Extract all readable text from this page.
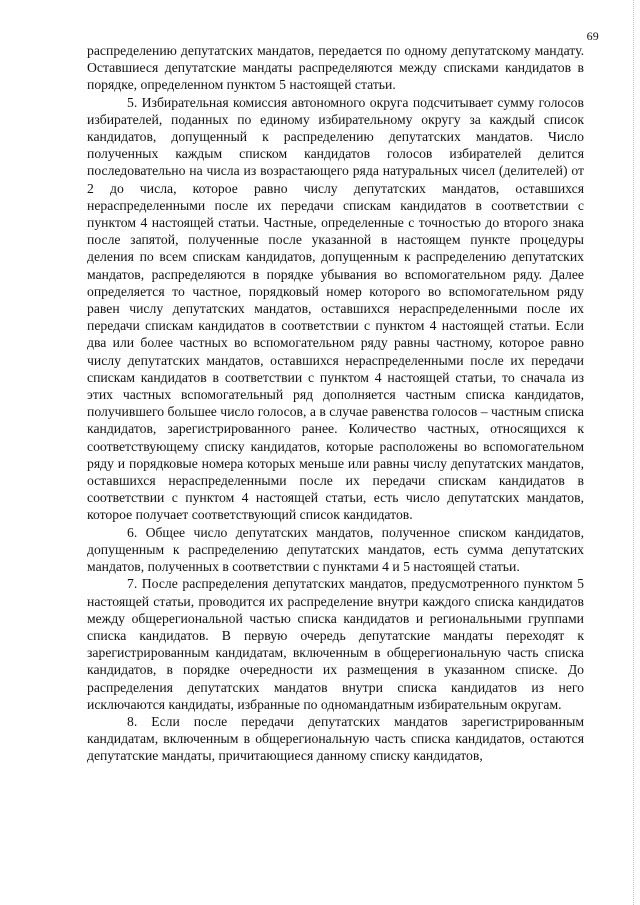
69

распределению депутатских мандатов, передается по одному депутатскому мандату. Оставшиеся депутатские мандаты распределяются между списками кандидатов в порядке, определенном пунктом 5 настоящей статьи.

5. Избирательная комиссия автономного округа подсчитывает сумму голосов избирателей, поданных по единому избирательному округу за каждый список кандидатов, допущенный к распределению депутатских мандатов. Число полученных каждым списком кандидатов голосов избирателей делится последовательно на числа из возрастающего ряда натуральных чисел (делителей) от 2 до числа, которое равно числу депутатских мандатов, оставшихся нераспределенными после их передачи спискам кандидатов в соответствии с пунктом 4 настоящей статьи. Частные, определенные с точностью до второго знака после запятой, полученные после указанной в настоящем пункте процедуры деления по всем спискам кандидатов, допущенным к распределению депутатских мандатов, распределяются в порядке убывания во вспомогательном ряду. Далее определяется то частное, порядковый номер которого во вспомогательном ряду равен числу депутатских мандатов, оставшихся нераспределенными после их передачи спискам кандидатов в соответствии с пунктом 4 настоящей статьи. Если два или более частных во вспомогательном ряду равны частному, которое равно числу депутатских мандатов, оставшихся нераспределенными после их передачи спискам кандидатов в соответствии с пунктом 4 настоящей статьи, то сначала из этих частных вспомогательный ряд дополняется частным списка кандидатов, получившего большее число голосов, а в случае равенства голосов – частным списка кандидатов, зарегистрированного ранее. Количество частных, относящихся к соответствующему списку кандидатов, которые расположены во вспомогательном ряду и порядковые номера которых меньше или равны числу депутатских мандатов, оставшихся нераспределенными после их передачи спискам кандидатов в соответствии с пунктом 4 настоящей статьи, есть число депутатских мандатов, которое получает соответствующий список кандидатов.

6. Общее число депутатских мандатов, полученное списком кандидатов, допущенным к распределению депутатских мандатов, есть сумма депутатских мандатов, полученных в соответствии с пунктами 4 и 5 настоящей статьи.

7. После распределения депутатских мандатов, предусмотренного пунктом 5 настоящей статьи, проводится их распределение внутри каждого списка кандидатов между общерегиональной частью списка кандидатов и региональными группами списка кандидатов. В первую очередь депутатские мандаты переходят к зарегистрированным кандидатам, включенным в общерегиональную часть списка кандидатов, в порядке очередности их размещения в указанном списке. До распределения депутатских мандатов внутри списка кандидатов из него исключаются кандидаты, избранные по одномандатным избирательным округам.

8. Если после передачи депутатских мандатов зарегистрированным кандидатам, включенным в общерегиональную часть списка кандидатов, остаются депутатские мандаты, причитающиеся данному списку кандидатов,
